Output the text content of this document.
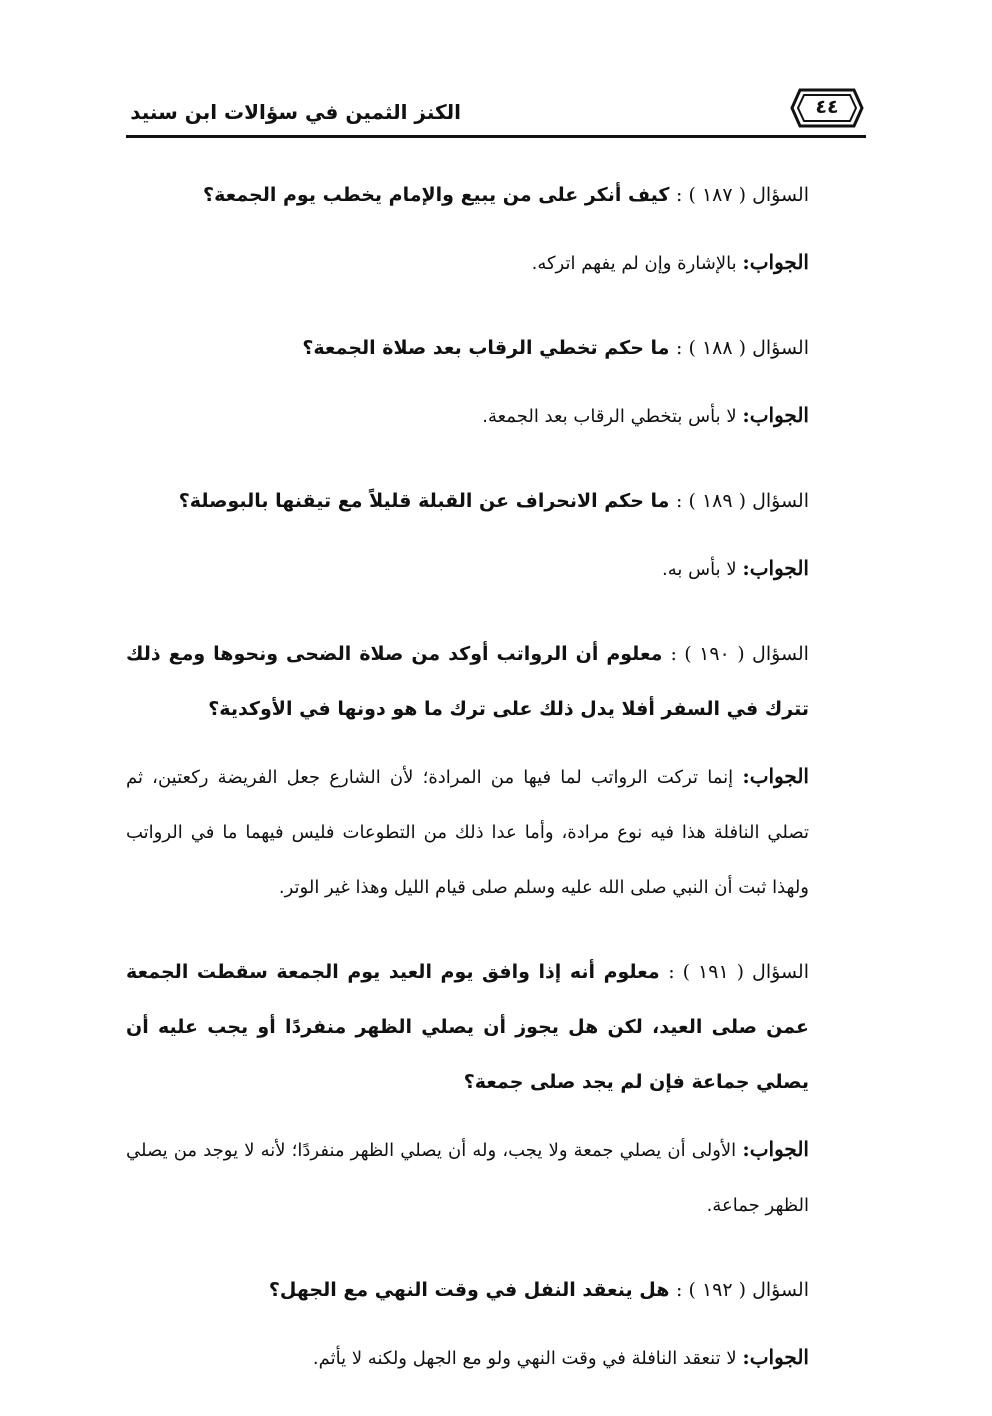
الكنز الثمين في سؤالات ابن سنيد	٤٤
السؤال ( ١٨٧ ) : كيف أنكر على من يبيع والإمام يخطب يوم الجمعة؟
الجواب: بالإشارة وإن لم يفهم اتركه.
السؤال ( ١٨٨ ) : ما حكم تخطي الرقاب بعد صلاة الجمعة؟
الجواب: لا بأس بتخطي الرقاب بعد الجمعة.
السؤال ( ١٨٩ ) : ما حكم الانحراف عن القبلة قليلاً مع تيقنها بالبوصلة؟
الجواب: لا بأس به.
السؤال ( ١٩٠ ) : معلوم أن الرواتب أوكد من صلاة الضحى ونحوها ومع ذلك تترك في السفر أفلا يدل ذلك على ترك ما هو دونها في الأوكدية؟
الجواب: إنما تركت الرواتب لما فيها من المرادة؛ لأن الشارع جعل الفريضة ركعتين، ثم تصلي النافلة هذا فيه نوع مرادة، وأما عدا ذلك من التطوعات فليس فيهما ما في الرواتب ولهذا ثبت أن النبي صلى الله عليه وسلم صلى قيام الليل وهذا غير الوتر.
السؤال ( ١٩١ ) : معلوم أنه إذا وافق يوم العيد يوم الجمعة سقطت الجمعة عمن صلى العيد، لكن هل يجوز أن يصلي الظهر منفردًا أو يجب عليه أن يصلي جماعة فإن لم يجد صلى جمعة؟
الجواب: الأولى أن يصلي جمعة ولا يجب، وله أن يصلي الظهر منفردًا؛ لأنه لا يوجد من يصلي الظهر جماعة.
السؤال ( ١٩٢ ) : هل ينعقد النفل في وقت النهي مع الجهل؟
الجواب: لا تنعقد النافلة في وقت النهي ولو مع الجهل ولكنه لا يأثم.
